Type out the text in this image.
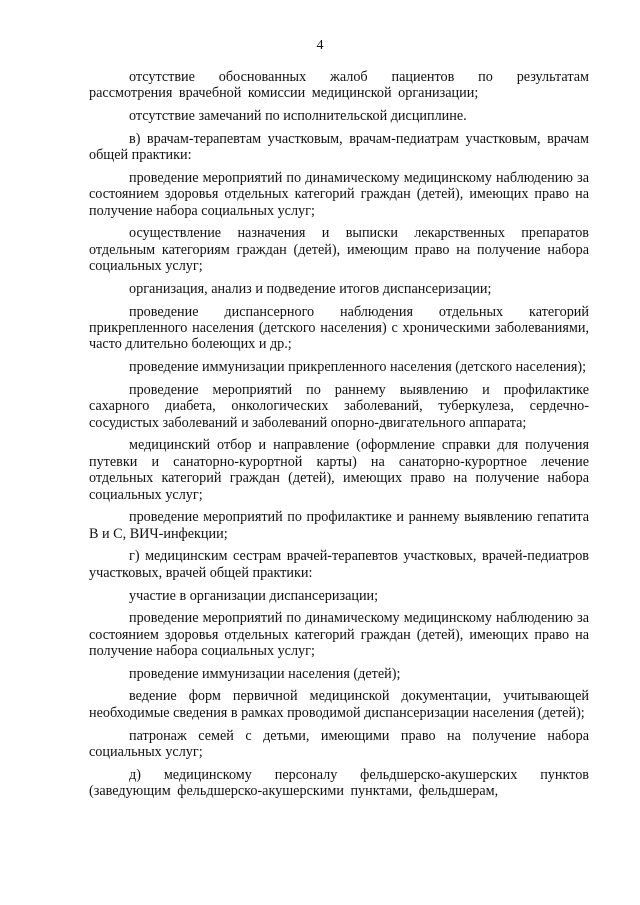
4

отсутствие обоснованных жалоб пациентов по результатам рассмотрения врачебной комиссии медицинской организации;

отсутствие замечаний по исполнительской дисциплине.

в) врачам-терапевтам участковым, врачам-педиатрам участковым, врачам общей практики:

проведение мероприятий по динамическому медицинскому наблюдению за состоянием здоровья отдельных категорий граждан (детей), имеющих право на получение набора социальных услуг;

осуществление назначения и выписки лекарственных препаратов отдельным категориям граждан (детей), имеющим право на получение набора социальных услуг;

организация, анализ и подведение итогов диспансеризации;

проведение диспансерного наблюдения отдельных категорий прикрепленного населения (детского населения) с хроническими заболеваниями, часто длительно болеющих и др.;

проведение иммунизации прикрепленного населения (детского населения);

проведение мероприятий по раннему выявлению и профилактике сахарного диабета, онкологических заболеваний, туберкулеза, сердечно-сосудистых заболеваний и заболеваний опорно-двигательного аппарата;

медицинский отбор и направление (оформление справки для получения путевки и санаторно-курортной карты) на санаторно-курортное лечение отдельных категорий граждан (детей), имеющих право на получение набора социальных услуг;

проведение мероприятий по профилактике и раннему выявлению гепатита В и С, ВИЧ-инфекции;

г) медицинским сестрам врачей-терапевтов участковых, врачей-педиатров участковых, врачей общей практики:

участие в организации диспансеризации;

проведение мероприятий по динамическому медицинскому наблюдению за состоянием здоровья отдельных категорий граждан (детей), имеющих право на получение набора социальных услуг;

проведение иммунизации населения (детей);

ведение форм первичной медицинской документации, учитывающей необходимые сведения в рамках проводимой диспансеризации населения (детей);

патронаж семей с детьми, имеющими право на получение набора социальных услуг;

д) медицинскому персоналу фельдшерско-акушерских пунктов (заведующим фельдшерско-акушерскими пунктами, фельдшерам,
